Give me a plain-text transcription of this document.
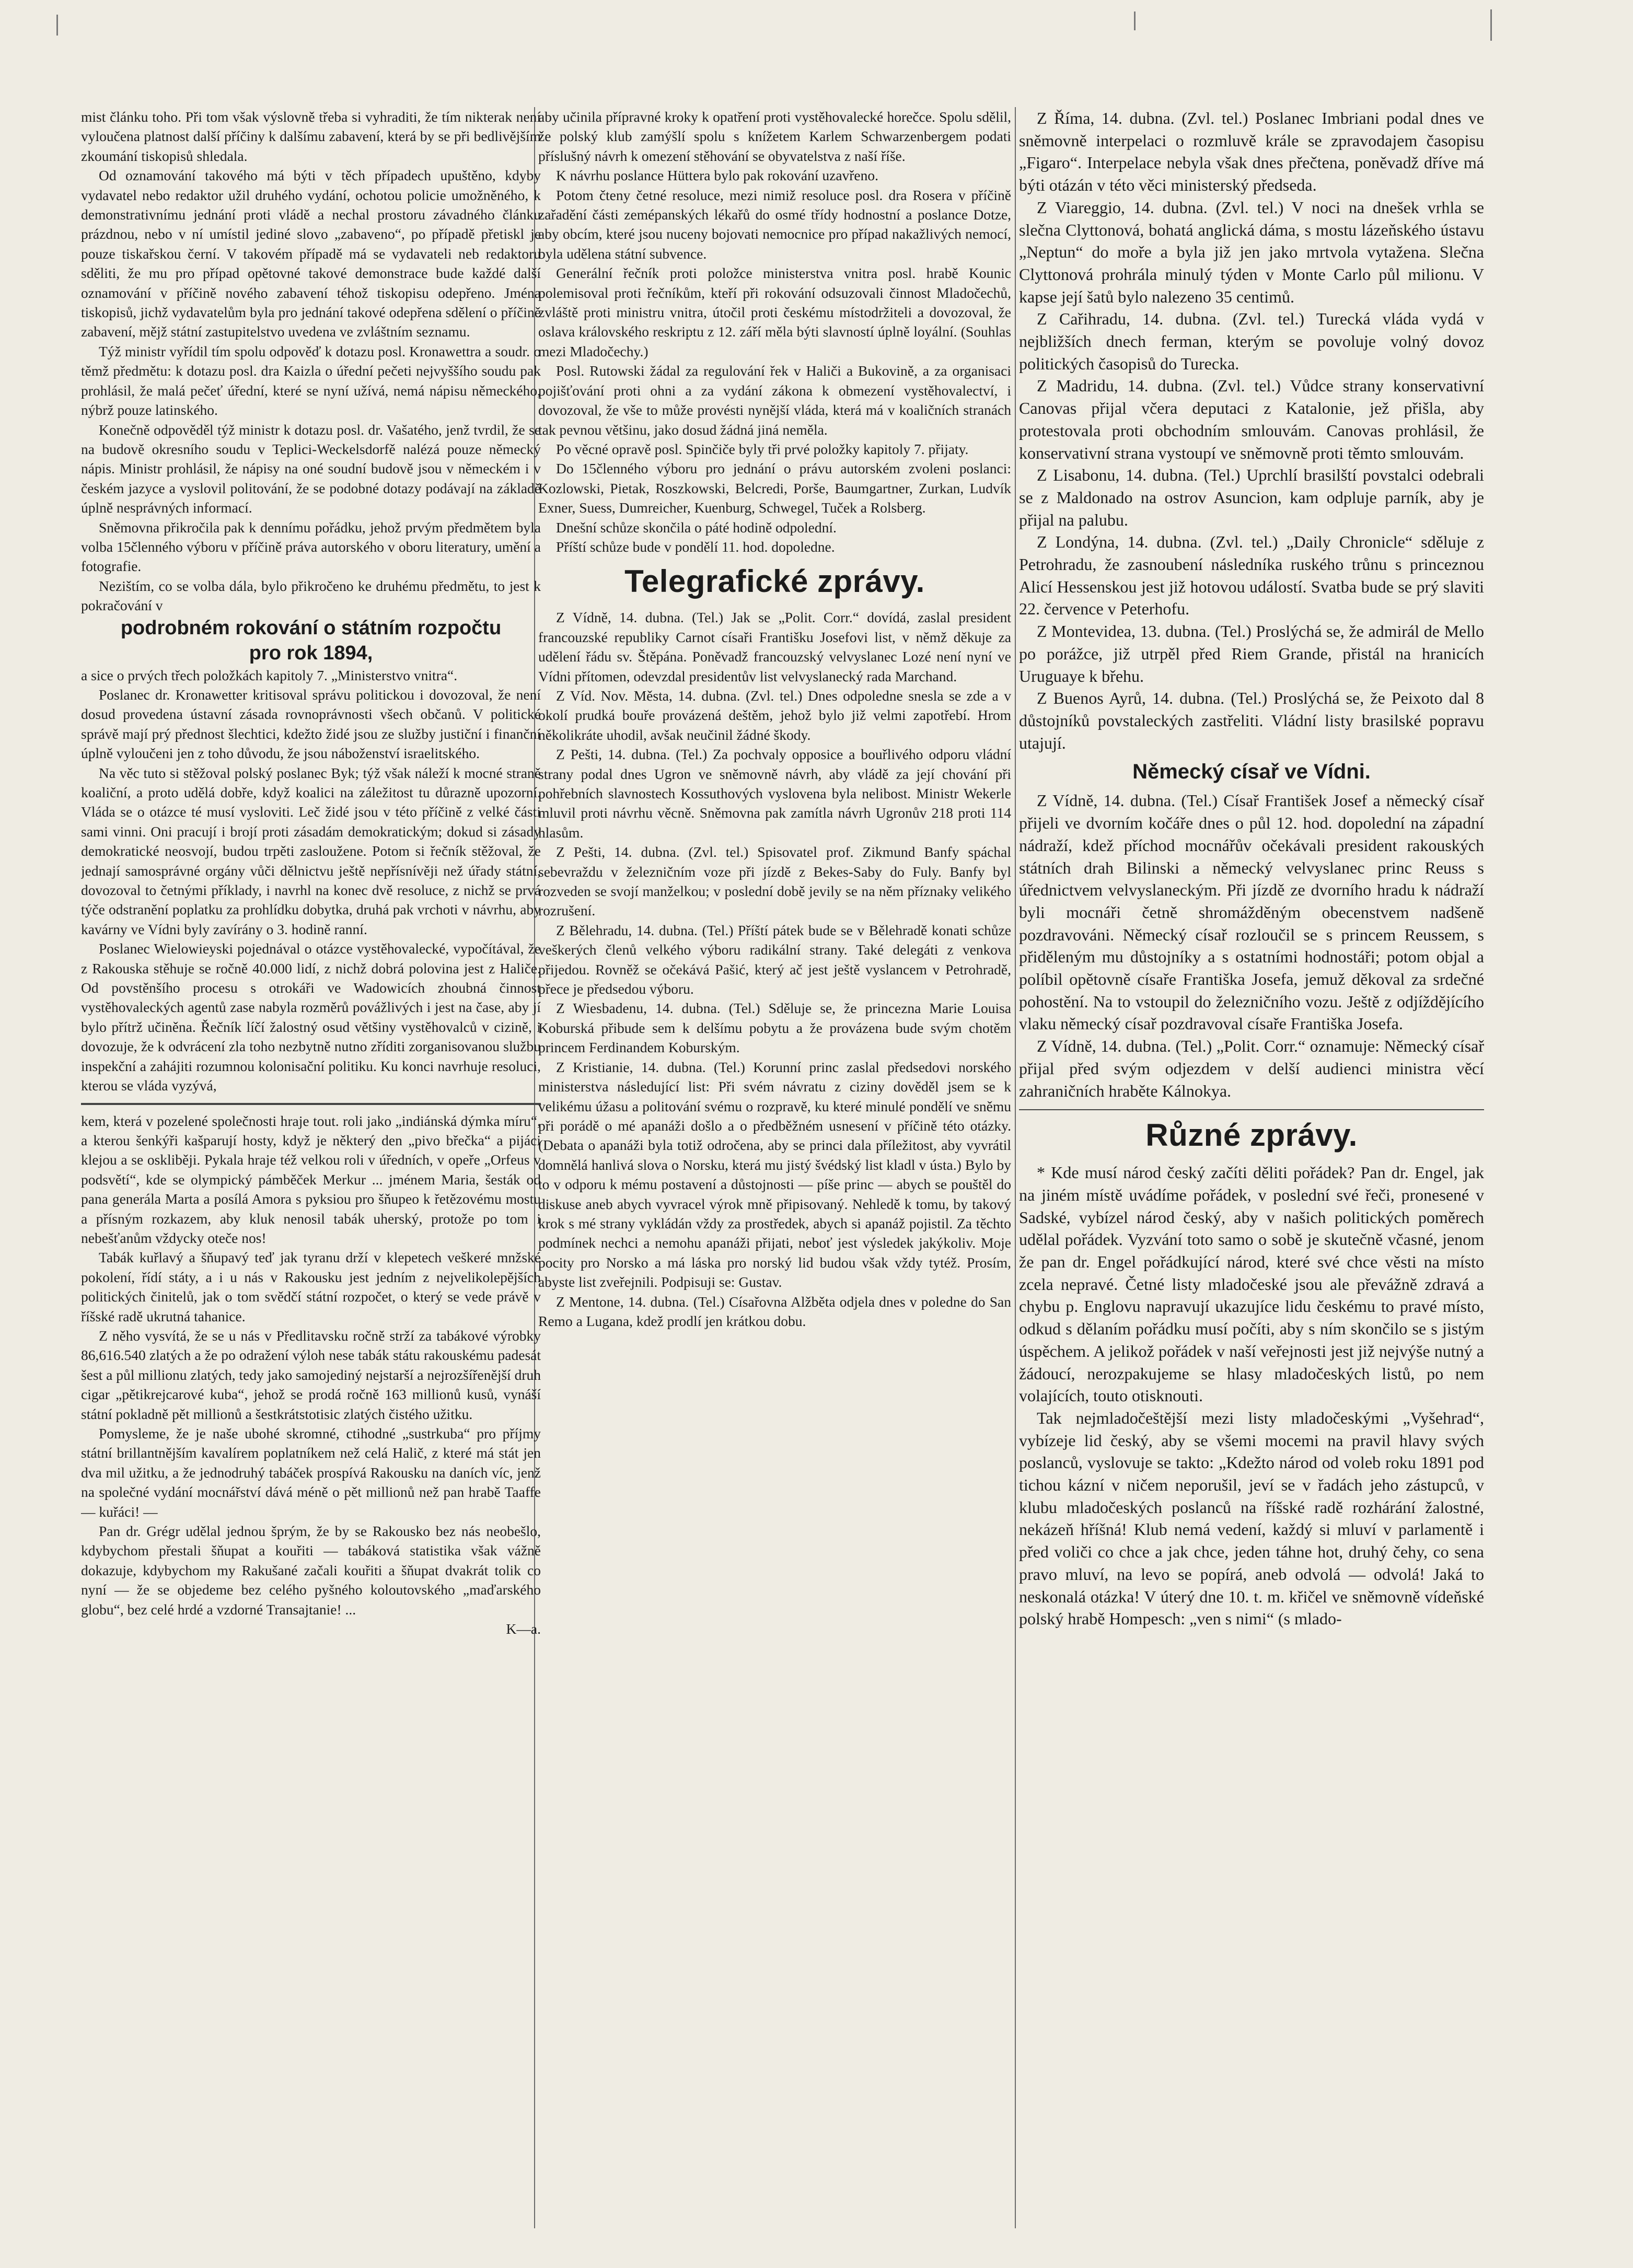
mist článku toho. Při tom však výslovně třeba si vyhraditi, že tím nikterak není vyloučena platnost další příčiny k dalšímu zabavení, která by se při bedlivějším zkoumání tiskopisů shledala.

Od oznamování takového má býti v těch případech upuštěno, kdyby vydavatel nebo redaktor užil druhého vydání, ochotou policie umožněného, k demonstrativnímu jednání proti vládě a nechal prostoru závadného článku prázdnou, nebo v ní umístil jediné slovo „zabaveno“, po případě přetiskl je pouze tiskařskou černí. V takovém případě má se vydavateli neb redaktoru sděliti, že mu pro případ opětovné takové demonstrace bude každé další oznamování v příčině nového zabavení téhož tiskopisu odepřeno. Jména tiskopisů, jichž vydavatelům byla pro jednání takové odepřena sdělení o příčině zabavení, mějž státní zastupitelstvo uvedena ve zvláštním seznamu.

Týž ministr vyřídil tím spolu odpověď k dotazu posl. Kronawettra a soudr. o těmž předmětu: k dotazu posl. dra Kaizla o úřední pečeti nejvyššího soudu pak prohlásil, že malá pečeť úřední, které se nyní užívá, nemá nápisu německého, nýbrž pouze latinského.

Konečně odpověděl týž ministr k dotazu posl. dr. Vašatého, jenž tvrdil, že se na budově okresního soudu v Teplici-Weckelsdorfě nalézá pouze německý nápis. Ministr prohlásil, že nápisy na oné soudní budově jsou v německém i v českém jazyce a vyslovil politování, že se podobné dotazy podávají na základě úplně nesprávných informací.

Sněmovna přikročila pak k dennímu pořádku, jehož prvým předmětem byla volba 15členného výboru v příčině práva autorského v oboru literatury, umění a fotografie.

Nezištím, co se volba dála, bylo přikročeno ke druhému předmětu, to jest k pokračování v

podrobném rokování o státním rozpočtu

pro rok 1894,

a sice o prvých třech položkách kapitoly 7. „Ministerstvo vnitra“.

Poslanec dr. Kronawetter kritisoval správu politickou i dovozoval, že není dosud provedena ústavní zásada rovnoprávnosti všech občanů. V politické správě mají prý přednost šlechtici, kdežto židé jsou ze služby justiční i finanční úplně vyloučeni jen z toho důvodu, že jsou náboženství israelitského.

Na věc tuto si stěžoval polský poslanec Byk; týž však náleží k mocné straně koaliční, a proto udělá dobře, když koalici na záležitost tu důrazně upozorní. Vláda se o otázce té musí vysloviti. Leč židé jsou v této příčině z velké části sami vinni. Oni pracují i brojí proti zásadám demokratickým; dokud si zásady demokratické neosvojí, budou trpěti zasloužene. Potom si řečník stěžoval, že jednají samosprávné orgány vůči dělnictvu ještě nepřísnívěji než úřady státní, dovozoval to četnými příklady, i navrhl na konec dvě resoluce, z nichž se prvá týče odstranění poplatku za prohlídku dobytka, druhá pak vrchoti v návrhu, aby kavárny ve Vídni byly zavírány o 3. hodině ranní.

Poslanec Wielowieyski pojednával o otázce vystěhovalecké, vypočítával, že z Rakouska stěhuje se ročně 40.000 lidí, z nichž dobrá polovina jest z Haliče. Od povstěnšího procesu s otrokáři ve Wadowicích zhoubná činnost vystěhovaleckých agentů zase nabyla rozměrů povážlivých i jest na čase, aby jí bylo přítrž učiněna. Řečník líčí žalostný osud většiny vystěhovalců v cizině, i dovozuje, že k odvrácení zla toho nezbytně nutno zříditi zorganisovanou službu inspekční a zahájiti rozumnou kolonisační politiku. Ku konci navrhuje resoluci, kterou se vláda vyzývá,

kem, která v pozelené společnosti hraje tout. roli jako „indiánská dýmka míru“, a kterou šenkýři kašparují hosty, když je některý den „pivo břečka“ a pijáci klejou a se oskliběji. Pykala hraje též velkou roli v úředních, v opeře „Orfeus v podsvětí“, kde se olympický pámběček Merkur ... jménem Maria, šesták od pana generála Marta a posílá Amora s pyksiou pro šňupeo k řetězovému mostu a přísným rozkazem, aby kluk nenosil tabák uherský, protože po tom i nebešťanům vždycky oteče nos!

Tabák kuřlavý a šňupavý teď jak tyranu drží v klepetech veškeré mnžské pokolení, řídí státy, a i u nás v Rakousku jest jedním z nejvelikolepějších politických činitelů, jak o tom svědčí státní rozpočet, o který se vede právě v říšské radě ukrutná tahanice.

Z něho vysvítá, že se u nás v Předlitavsku ročně strží za tabákové výrobky 86,616.540 zlatých a že po odražení výloh nese tabák státu rakouskému padesát šest a půl millionu zlatých, tedy jako samojediný nejstarší a nejrozšířenější druh cigar „pětikrejcarové kuba“, jehož se prodá ročně 163 millionů kusů, vynáší státní pokladně pět millionů a šestkrátstotisic zlatých čistého užitku.

Pomysleme, že je naše ubohé skromné, ctihodné „sustrkuba“ pro příjmy státní brillantnějším kavalírem poplatníkem než celá Halič, z které má stát jen dva mil užitku, a že jednodruhý tabáček prospívá Rakousku na daních víc, jenž na společné vydání mocnářství dává méně o pět millionů než pan hrabě Taaffe — kuřáci! —

Pan dr. Grégr udělal jednou šprým, že by se Rakousko bez nás neobešlo, kdybychom přestali šňupat a kouřiti — tabáková statistika však vážně dokazuje, kdybychom my Rakušané začali kouřiti a šňupat dvakrát tolik co nyní — že se objedeme bez celého pyšného koloutovského „maďarského globu“, bez celé hrdé a vzdorné Transajtanie! ...

K—a.

aby učinila přípravné kroky k opatření proti vystěhovalecké horečce. Spolu sdělil, že polský klub zamýšlí spolu s knížetem Karlem Schwarzenbergem podati příslušný návrh k omezení stěhování se obyvatelstva z naší říše.

K návrhu poslance Hüttera bylo pak rokování uzavřeno.

Potom čteny četné resoluce, mezi nimiž resoluce posl. dra Rosera v příčině zařadění části zemépanských lékařů do osmé třídy hodnostní a poslance Dotze, aby obcím, které jsou nuceny bojovati nemocnice pro případ nakažlivých nemocí, byla udělena státní subvence.

Generální řečník proti položce ministerstva vnitra posl. hrabě Kounic polemisoval proti řečníkům, kteří při rokování odsuzovali činnost Mladočechů, zvláště proti ministru vnitra, útočil proti českému místodržiteli a dovozoval, že oslava královského reskriptu z 12. září měla býti slavností úplně loyální. (Souhlas mezi Mladočechy.)

Posl. Rutowski žádal za regulování řek v Haliči a Bukovině, a za organisaci pojišťování proti ohni a za vydání zákona k obmezení vystěhovalectví, i dovozoval, že vše to může provésti nynější vláda, která má v koaličních stranách tak pevnou většinu, jako dosud žádná jiná neměla.

Po věcné opravě posl. Spinčiče byly tři prvé položky kapitoly 7. přijaty.

Do 15členného výboru pro jednání o právu autorském zvoleni poslanci: Kozlowski, Pietak, Roszkowski, Belcredi, Porše, Baumgartner, Zurkan, Ludvík Exner, Suess, Dumreicher, Kuenburg, Schwegel, Tuček a Rolsberg.

Dnešní schůze skončila o páté hodině odpolední.

Příští schůze bude v pondělí 11. hod. dopoledne.

Telegrafické zprávy.

Z Vídně, 14. dubna. (Tel.) Jak se „Polit. Corr.“ dovídá, zaslal president francouzské republiky Carnot císaři Františku Josefovi list, v němž děkuje za udělení řádu sv. Štěpána. Poněvadž francouzský velvyslanec Lozé není nyní ve Vídni přítomen, odevzdal presidentův list velvyslanecký rada Marchand.

Z Víd. Nov. Města, 14. dubna. (Zvl. tel.) Dnes odpoledne snesla se zde a v okolí prudká bouře provázená deštěm, jehož bylo již velmi zapotřebí. Hrom několikráte uhodil, avšak neučinil žádné škody.

Z Pešti, 14. dubna. (Tel.) Za pochvaly opposice a bouřlivého odporu vládní strany podal dnes Ugron ve sněmovně návrh, aby vládě za její chování při pohřebních slavnostech Kossuthových vyslovena byla nelibost. Ministr Wekerle mluvil proti návrhu věcně. Sněmovna pak zamítla návrh Ugronův 218 proti 114 hlasům.

Z Pešti, 14. dubna. (Zvl. tel.) Spisovatel prof. Zikmund Banfy spáchal sebevraždu v železničním voze při jízdě z Bekes-Saby do Fuly. Banfy byl rozveden se svojí manželkou; v poslední době jevily se na něm příznaky velikého rozrušení.

Z Bělehradu, 14. dubna. (Tel.) Příští pátek bude se v Bělehradě konati schůze veškerých členů velkého výboru radikální strany. Také delegáti z venkova přijedou. Rovněž se očekává Pašić, který ač jest ještě vyslancem v Petrohradě, přece je předsedou výboru.

Z Wiesbadenu, 14. dubna. (Tel.) Sděluje se, že princezna Marie Louisa Koburská přibude sem k delšímu pobytu a že provázena bude svým chotěm princem Ferdinandem Koburským.

Z Kristianie, 14. dubna. (Tel.) Korunní princ zaslal předsedovi norského ministerstva následující list: Při svém návratu z ciziny dověděl jsem se k velikému úžasu a politování svému o rozpravě, ku které minulé pondělí ve sněmu při porádě o mé apanáži došlo a o předběžném usnesení v příčině této otázky. (Debata o apanáži byla totiž odročena, aby se princi dala příležitost, aby vyvrátil domnělá hanlivá slova o Norsku, která mu jistý švédský list kladl v ústa.) Bylo by to v odporu k mému postavení a důstojnosti — píše princ — abych se pouštěl do diskuse aneb abych vyvracel výrok mně připisovaný. Nehledě k tomu, by takový krok s mé strany vykládán vždy za prostředek, abych si apanáž pojistil. Za těchto podmínek nechci a nemohu apanáži přijati, neboť jest výsledek jakýkoliv. Moje pocity pro Norsko a má láska pro norský lid budou však vždy tytéž. Prosím, abyste list zveřejnili. Podpisuji se: Gustav.

Z Mentone, 14. dubna. (Tel.) Císařovna Alžběta odjela dnes v poledne do San Remo a Lugana, kdež prodlí jen krátkou dobu.

Z Říma, 14. dubna. (Zvl. tel.) Poslanec Imbriani podal dnes ve sněmovně interpelaci o rozmluvě krále se zpravodajem časopisu „Figaro“. Interpelace nebyla však dnes přečtena, poněvadž dříve má býti otázán v této věci ministerský předseda.

Z Viareggio, 14. dubna. (Zvl. tel.) V noci na dnešek vrhla se slečna Clyttonová, bohatá anglická dáma, s mostu lázeňského ústavu „Neptun“ do moře a byla již jen jako mrtvola vytažena. Slečna Clyttonová prohrála minulý týden v Monte Carlo půl milionu. V kapse její šatů bylo nalezeno 35 centimů.

Z Cařihradu, 14. dubna. (Zvl. tel.) Turecká vláda vydá v nejbližších dnech ferman, kterým se povoluje volný dovoz politických časopisů do Turecka.

Z Madridu, 14. dubna. (Zvl. tel.) Vůdce strany konservativní Canovas přijal včera deputaci z Katalonie, jež přišla, aby protestovala proti obchodním smlouvám. Canovas prohlásil, že konservativní strana vystoupí ve sněmovně proti těmto smlouvám.

Z Lisabonu, 14. dubna. (Tel.) Uprchlí brasilští povstalci odebrali se z Maldonado na ostrov Asuncion, kam odpluje parník, aby je přijal na palubu.

Z Londýna, 14. dubna. (Zvl. tel.) „Daily Chronicle“ sděluje z Petrohradu, že zasnoubení následníka ruského trůnu s princeznou Alicí Hessenskou jest již hotovou událostí. Svatba bude se prý slaviti 22. července v Peterhofu.

Z Montevidea, 13. dubna. (Tel.) Proslýchá se, že admirál de Mello po porážce, již utrpěl před Riem Grande, přistál na hranicích Uruguaye k břehu.

Z Buenos Ayrů, 14. dubna. (Tel.) Proslýchá se, že Peixoto dal 8 důstojníků povstaleckých zastřeliti. Vládní listy brasilské popravu utajují.

Německý císař ve Vídni.

Z Vídně, 14. dubna. (Tel.) Císař František Josef a německý císař přijeli ve dvorním kočáře dnes o půl 12. hod. dopolední na západní nádraží, kdež příchod mocnářův očekávali president rakouských státních drah Bilinski a německý velvyslanec princ Reuss s úřednictvem velvyslaneckým. Při jízdě ze dvorního hradu k nádraží byli mocnáři četně shromážděným obecenstvem nadšeně pozdravováni. Německý císař rozloučil se s princem Reussem, s přiděleným mu důstojníky a s ostatními hodnostáři; potom objal a políbil opětovně císaře Františka Josefa, jemuž děkoval za srdečné pohostění. Na to vstoupil do železničního vozu. Ještě z odjíždějícího vlaku německý císař pozdravoval císaře Františka Josefa.

Z Vídně, 14. dubna. (Tel.) „Polit. Corr.“ oznamuje: Německý císař přijal před svým odjezdem v delší audienci ministra věcí zahraničních hraběte Kálnokya.

Různé zprávy.

* Kde musí národ český začíti děliti pořádek? Pan dr. Engel, jak na jiném místě uvádíme pořádek, v poslední své řeči, pronesené v Sadské, vybízel národ český, aby v našich politických poměrech udělal pořádek. Vyzvání toto samo o sobě je skutečně včasné, jenom že pan dr. Engel pořádkující národ, které své chce věsti na místo zcela nepravé. Četné listy mladočeské jsou ale převážně zdravá a chybu p. Englovu napravují ukazujíce lidu českému to pravé místo, odkud s dělaním pořádku musí počíti, aby s ním skončilo se s jistým úspěchem. A jelikož pořádek v naší veřejnosti jest již nejvýše nutný a žádoucí, nerozpakujeme se hlasy mladočeských listů, po nem volajících, touto otisknouti.

Tak nejmladočeštější mezi listy mladočeskými „Vyšehrad“, vybízeje lid český, aby se všemi mocemi na pravil hlavy svých poslanců, vyslovuje se takto: „Kdežto národ od voleb roku 1891 pod tichou kázní v ničem neporušil, jeví se v řadách jeho zástupců, v klubu mladočeských poslanců na říšské radě rozhárání žalostné, nekázeň hříšná! Klub nemá vedení, každý si mluví v parlamentě i před voliči co chce a jak chce, jeden táhne hot, druhý čehy, co sena pravo mluví, na levo se popírá, aneb odvolá — odvolá! Jaká to neskonalá otázka! V úterý dne 10. t. m. křičel ve sněmovně vídeňské polský hrabě Hompesch: „ven s nimi“ (s mlado-
